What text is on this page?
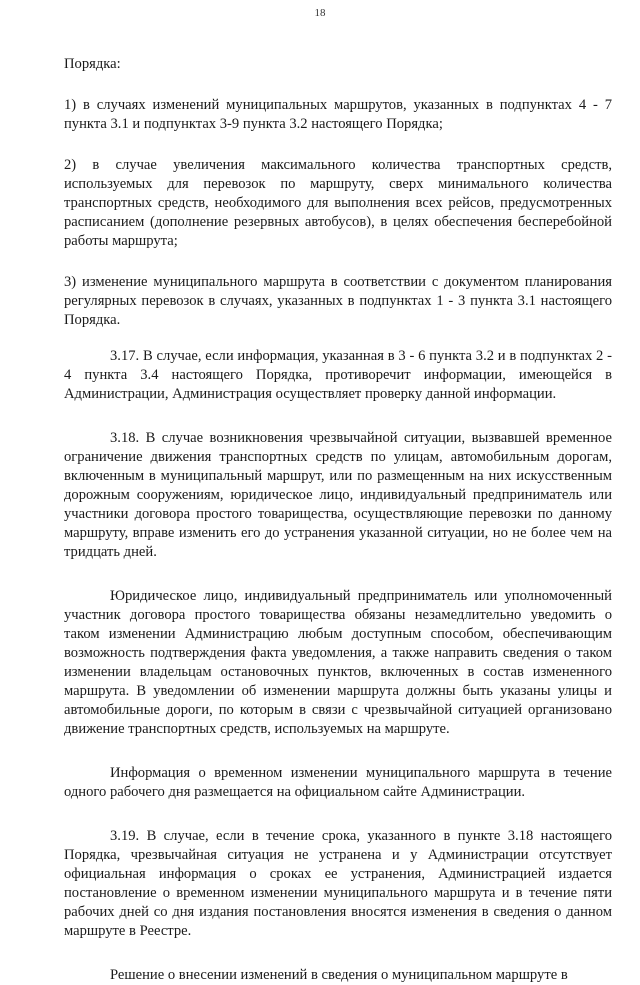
18

Порядка:

1) в случаях изменений муниципальных маршрутов, указанных в подпунктах 4 - 7 пункта 3.1 и подпунктах 3-9 пункта 3.2 настоящего Порядка;

2) в случае увеличения максимального количества транспортных средств, используемых для перевозок по маршруту, сверх минимального количества транспортных средств, необходимого для выполнения всех рейсов, предусмотренных расписанием (дополнение резервных автобусов), в целях обеспечения бесперебойной работы маршрута;

3) изменение муниципального маршрута в соответствии с документом планирования регулярных перевозок в случаях, указанных в подпунктах 1 - 3 пункта 3.1 настоящего Порядка.

3.17. В случае, если информация, указанная в 3 - 6 пункта 3.2 и в подпунктах 2 - 4 пункта 3.4 настоящего Порядка, противоречит информации, имеющейся в Администрации, Администрация осуществляет проверку данной информации.

3.18. В случае возникновения чрезвычайной ситуации, вызвавшей временное ограничение движения транспортных средств по улицам, автомобильным дорогам, включенным в муниципальный маршрут, или по размещенным на них искусственным дорожным сооружениям, юридическое лицо, индивидуальный предприниматель или участники договора простого товарищества, осуществляющие перевозки по данному маршруту, вправе изменить его до устранения указанной ситуации, но не более чем на тридцать дней.

Юридическое лицо, индивидуальный предприниматель или уполномоченный участник договора простого товарищества обязаны незамедлительно уведомить о таком изменении Администрацию любым доступным способом, обеспечивающим возможность подтверждения факта уведомления, а также направить сведения о таком изменении владельцам остановочных пунктов, включенных в состав измененного маршрута. В уведомлении об изменении маршрута должны быть указаны улицы и автомобильные дороги, по которым в связи с чрезвычайной ситуацией организовано движение транспортных средств, используемых на маршруте.

Информация о временном изменении муниципального маршрута в течение одного рабочего дня размещается на официальном сайте Администрации.

3.19. В случае, если в течение срока, указанного в пункте 3.18 настоящего Порядка, чрезвычайная ситуация не устранена и у Администрации отсутствует официальная информация о сроках ее устранения, Администрацией издается постановление о временном изменении муниципального маршрута и в течение пяти рабочих дней со дня издания постановления вносятся изменения в сведения о данном маршруте в Реестре.

Решение о внесении изменений в сведения о муниципальном маршруте в
